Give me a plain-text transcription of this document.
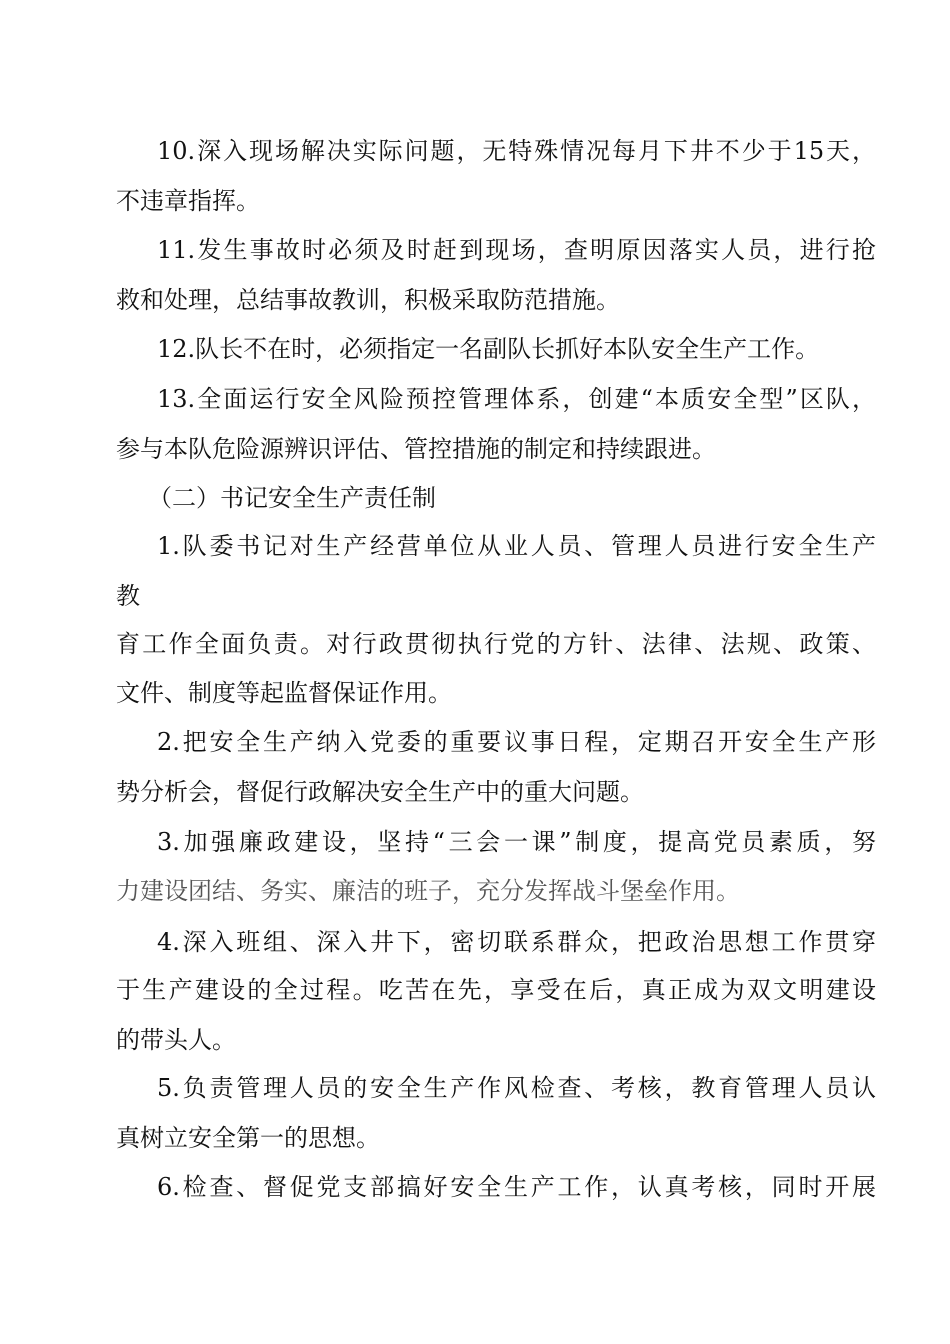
10.深入现场解决实际问题，无特殊情况每月下井不少于15天，
不违章指挥。
11.发生事故时必须及时赶到现场，查明原因落实人员，进行抢
救和处理，总结事故教训，积极采取防范措施。
12.队长不在时，必须指定一名副队长抓好本队安全生产工作。
13.全面运行安全风险预控管理体系，创建“本质安全型”区队，
参与本队危险源辨识评估、管控措施的制定和持续跟进。
（二）书记安全生产责任制
1.队委书记对生产经营单位从业人员、管理人员进行安全生产
教
育工作全面负责。对行政贯彻执行党的方针、法律、法规、政策、
文件、制度等起监督保证作用。
2.把安全生产纳入党委的重要议事日程，定期召开安全生产形
势分析会，督促行政解决安全生产中的重大问题。
3.加强廉政建设，坚持“三会一课”制度，提高党员素质，努
力建设团结、务实、廉洁的班子，充分发挥战斗堡垒作用。
4.深入班组、深入井下，密切联系群众，把政治思想工作贯穿
于生产建设的全过程。吃苦在先，享受在后，真正成为双文明建设
的带头人。
5.负责管理人员的安全生产作风检查、考核，教育管理人员认
真树立安全第一的思想。
6.检查、督促党支部搞好安全生产工作，认真考核，同时开展
